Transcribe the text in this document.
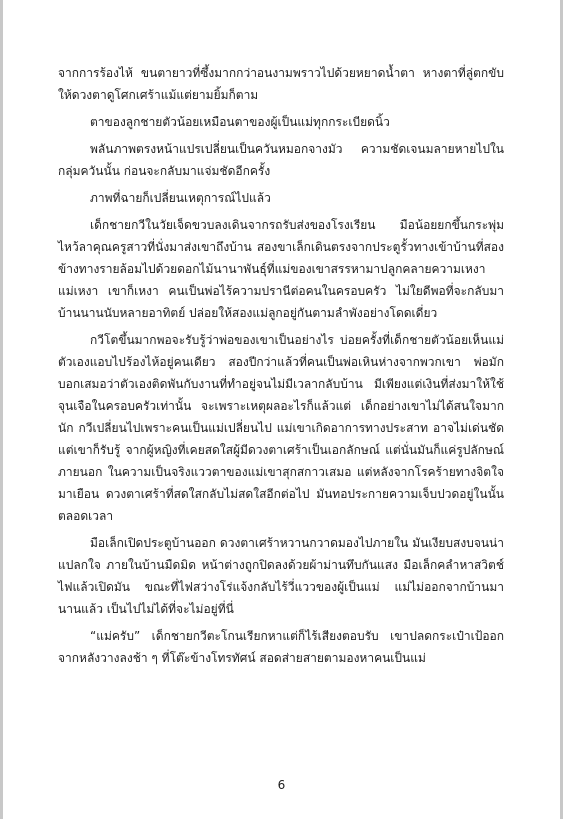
จากการร้องไห้ ขนตายาวที่ซึ้งมากกว่าอนงามพราวไปด้วยหยาดน้ำตา หางตาที่ลู่ตกขับให้ดวงตาดูโศกเศร้าแม้แต่ยามยิ้มก็ตาม

ตาของลูกชายตัวน้อยเหมือนตาของผู้เป็นแม่ทุกกระเบียดนิ้ว

พลันภาพตรงหน้าแปรเปลี่ยนเป็นควันหมอกจางมัว ความชัดเจนมลายหายไปในกลุ่มควันนั้น ก่อนจะกลับมาแจ่มชัดอีกครั้ง

ภาพที่ฉายก็เปลี่ยนเหตุการณ์ไปแล้ว

เด็กชายกวีในวัยเจ็ดขวบลงเดินจากรถรับส่งของโรงเรียน มือน้อยยกขึ้นกระพุ่มไหว้ลาคุณครูสาวที่นั่งมาส่งเขาถึงบ้าน สองขาเล็กเดินตรงจากประตูรั้วทางเข้าบ้านที่สองข้างทางรายล้อมไปด้วยดอกไม้นานาพันธุ์ที่แม่ของเขาสรรหามาปลูกคลายความเหงา แม่เหงา เขาก็เหงา คนเป็นพ่อไร้ความปรานีต่อคนในครอบครัว ไม่ใยดีพอที่จะกลับมาบ้านนานนับหลายอาทิตย์ ปล่อยให้สองแม่ลูกอยู่กันตามลำพังอย่างโดดเดี่ยว

กวีโตขึ้นมากพอจะรับรู้ว่าพ่อของเขาเป็นอย่างไร บ่อยครั้งที่เด็กชายตัวน้อยเห็นแม่ตัวเองแอบไปร้องไห้อยู่คนเดียว สองปีกว่าแล้วที่คนเป็นพ่อเหินห่างจากพวกเขา พ่อมักบอกเสมอว่าตัวเองติดพันกับงานที่ทำอยู่จนไม่มีเวลากลับบ้าน มีเพียงแต่เงินที่ส่งมาให้ใช้จุนเจือในครอบครัวเท่านั้น จะเพราะเหตุผลอะไรก็แล้วแต่ เด็กอย่างเขาไม่ได้สนใจมากนัก กวีเปลี่ยนไปเพราะคนเป็นแม่เปลี่ยนไป แม่เขาเกิดอาการทางประสาท อาจไม่เด่นชัดแต่เขาก็รับรู้ จากผู้หญิงที่เคยสดใสผู้มีดวงตาเศร้าเป็นเอกลักษณ์ แต่นั่นมันก็แค่รูปลักษณ์ภายนอก ในความเป็นจริงแววตาของแม่เขาสุกสกาวเสมอ แต่หลังจากโรคร้ายทางจิตใจมาเยือน ดวงตาเศร้าที่สดใสกลับไม่สดใสอีกต่อไป มันทอประกายความเจ็บปวดอยู่ในนั้นตลอดเวลา

มือเล็กเปิดประตูบ้านออก ดวงตาเศร้าหวานกวาดมองไปภายใน มันเงียบสงบจนน่าแปลกใจ ภายในบ้านมืดมิด หน้าต่างถูกปิดลงด้วยผ้าม่านทึบกันแสง มือเล็กคลำหาสวิตช์ไฟแล้วเปิดมัน ขณะที่ไฟสว่างโร่แจ้งกลับไร้วี่แววของผู้เป็นแม่ แม่ไม่ออกจากบ้านมานานแล้ว เป็นไปไม่ได้ที่จะไม่อยู่ที่นี่

“แม่ครับ” เด็กชายกวีตะโกนเรียกหาแต่ก็ไร้เสียงตอบรับ เขาปลดกระเป๋าเป้ออกจากหลังวางลงช้า ๆ ที่โต๊ะข้างโทรทัศน์ สอดส่ายสายตามองหาคนเป็นแม่

6
